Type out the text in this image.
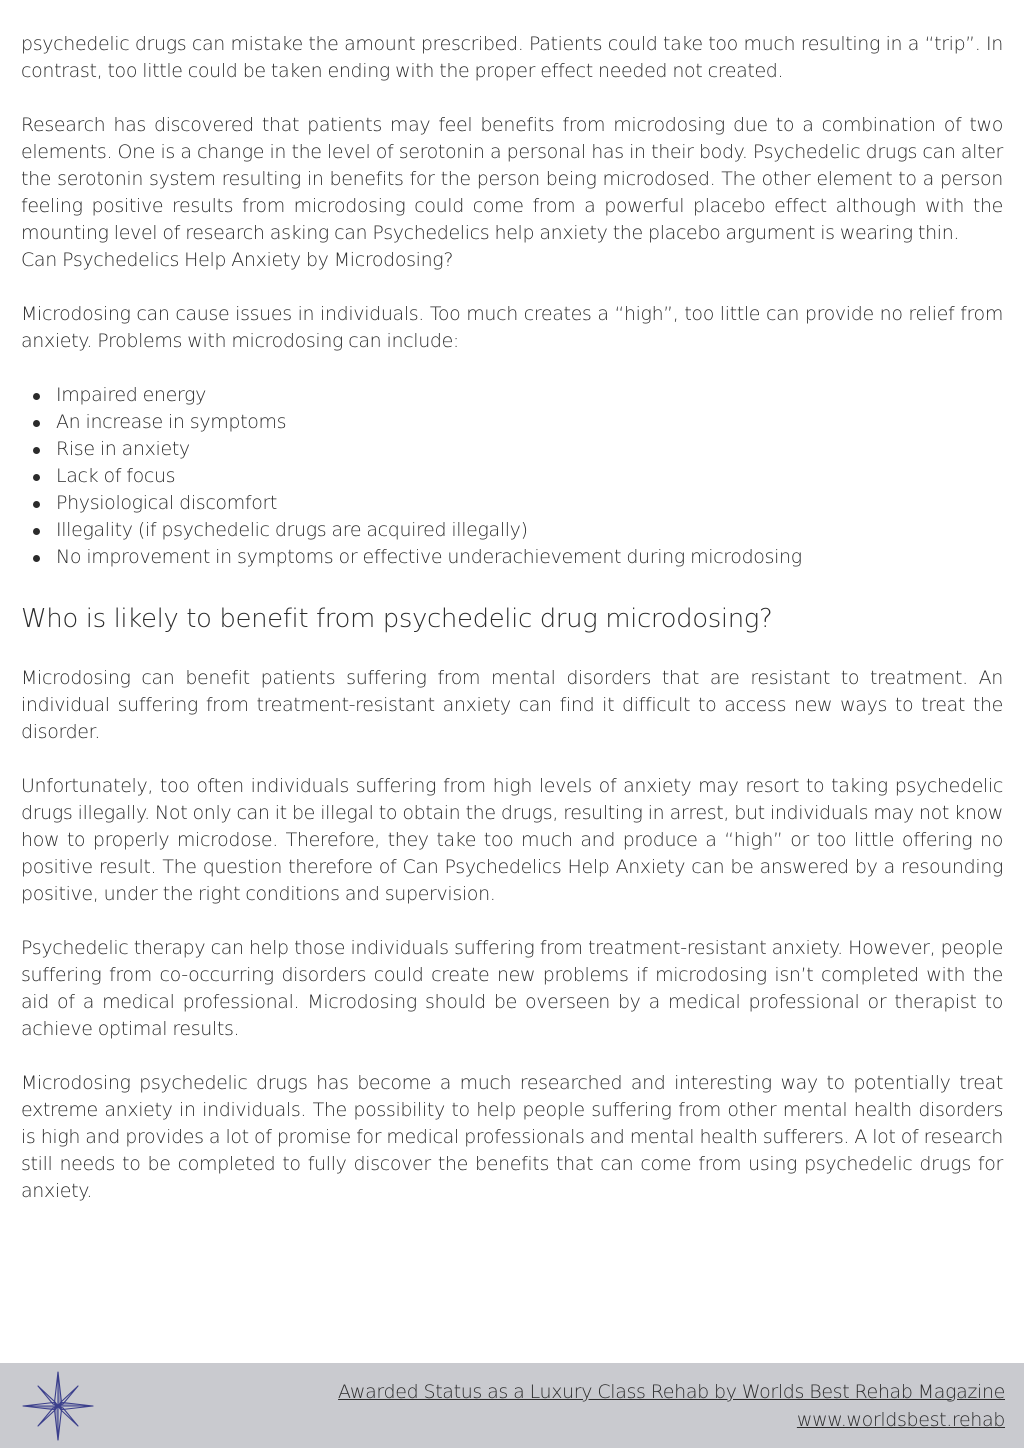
psychedelic drugs can mistake the amount prescribed. Patients could take too much resulting in a “trip”. In contrast, too little could be taken ending with the proper effect needed not created.

Research has discovered that patients may feel benefits from microdosing due to a combination of two elements. One is a change in the level of serotonin a personal has in their body. Psychedelic drugs can alter the serotonin system resulting in benefits for the person being microdosed. The other element to a person feeling positive results from microdosing could come from a powerful placebo effect although with the mounting level of research asking can Psychedelics help anxiety the placebo argument is wearing thin.

Can Psychedelics Help Anxiety by Microdosing?

Microdosing can cause issues in individuals. Too much creates a “high”, too little can provide no relief from anxiety. Problems with microdosing can include:

Impaired energy
An increase in symptoms
Rise in anxiety
Lack of focus
Physiological discomfort
Illegality (if psychedelic drugs are acquired illegally)
No improvement in symptoms or effective underachievement during microdosing
Who is likely to benefit from psychedelic drug microdosing?

Microdosing can benefit patients suffering from mental disorders that are resistant to treatment. An individual suffering from treatment-resistant anxiety can find it difficult to access new ways to treat the disorder.

Unfortunately, too often individuals suffering from high levels of anxiety may resort to taking psychedelic drugs illegally. Not only can it be illegal to obtain the drugs, resulting in arrest, but individuals may not know how to properly microdose. Therefore, they take too much and produce a “high” or too little offering no positive result. The question therefore of Can Psychedelics Help Anxiety can be answered by a resounding positive, under the right conditions and supervision.

Psychedelic therapy can help those individuals suffering from treatment-resistant anxiety. However, people suffering from co-occurring disorders could create new problems if microdosing isn’t completed with the aid of a medical professional. Microdosing should be overseen by a medical professional or therapist to achieve optimal results.

Microdosing psychedelic drugs has become a much researched and interesting way to potentially treat extreme anxiety in individuals. The possibility to help people suffering from other mental health disorders is high and provides a lot of promise for medical professionals and mental health sufferers. A lot of research still needs to be completed to fully discover the benefits that can come from using psychedelic drugs for anxiety.

Awarded Status as a Luxury Class Rehab by Worlds Best Rehab Magazine
www.worldsbest.rehab
